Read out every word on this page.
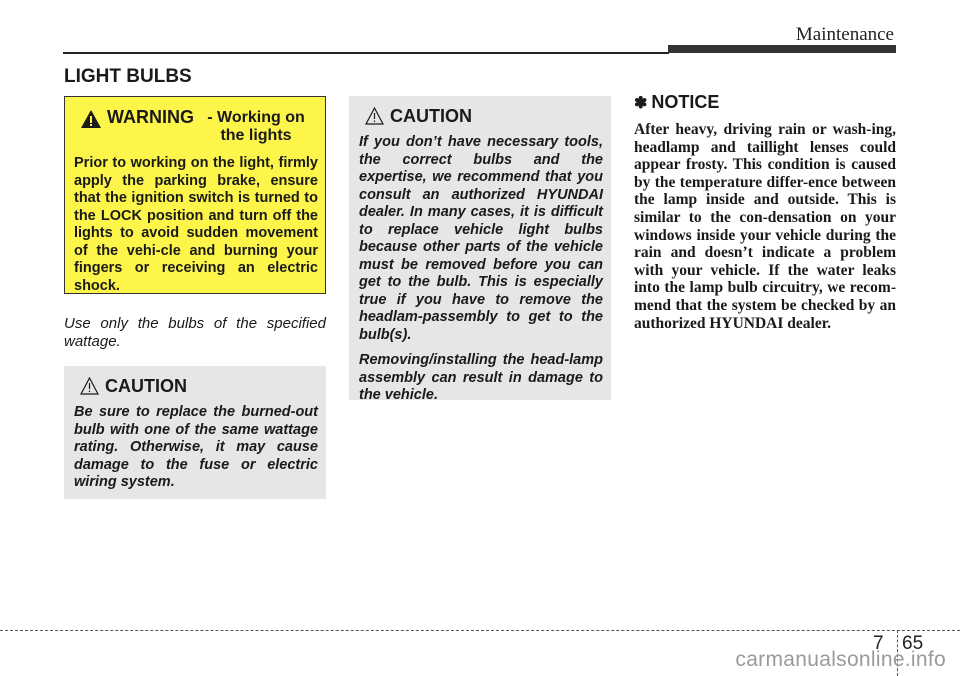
Maintenance
LIGHT BULBS
WARNING - Working on the lights
Prior to working on the light, firmly apply the parking brake, ensure that the ignition switch is turned to the LOCK position and turn off the lights to avoid sudden movement of the vehi-cle and burning your fingers or receiving an electric shock.
Use only the bulbs of the specified wattage.
CAUTION
Be sure to replace the burned-out bulb with one of the same wattage rating. Otherwise, it may cause damage to the fuse or electric wiring system.
CAUTION

If you don’t have necessary tools, the correct bulbs and the expertise, we recommend that you consult an authorized HYUNDAI dealer. In many cases, it is difficult to replace vehicle light bulbs because other parts of the vehicle must be removed before you can get to the bulb. This is especially true if you have to remove the headlam-passembly to get to the bulb(s).

Removing/installing the head-lamp assembly can result in damage to the vehicle.

✽ NOTICE
After heavy, driving rain or wash-ing, headlamp and taillight lenses could appear frosty. This condition is caused by the temperature differ-ence between the lamp inside and outside. This is similar to the con-densation on your windows inside your vehicle during the rain and doesn’t indicate a problem with your vehicle. If the water leaks into the lamp bulb circuitry, we recom-mend that the system be checked by an authorized HYUNDAI dealer.
7 65
carmanualsonline.info
